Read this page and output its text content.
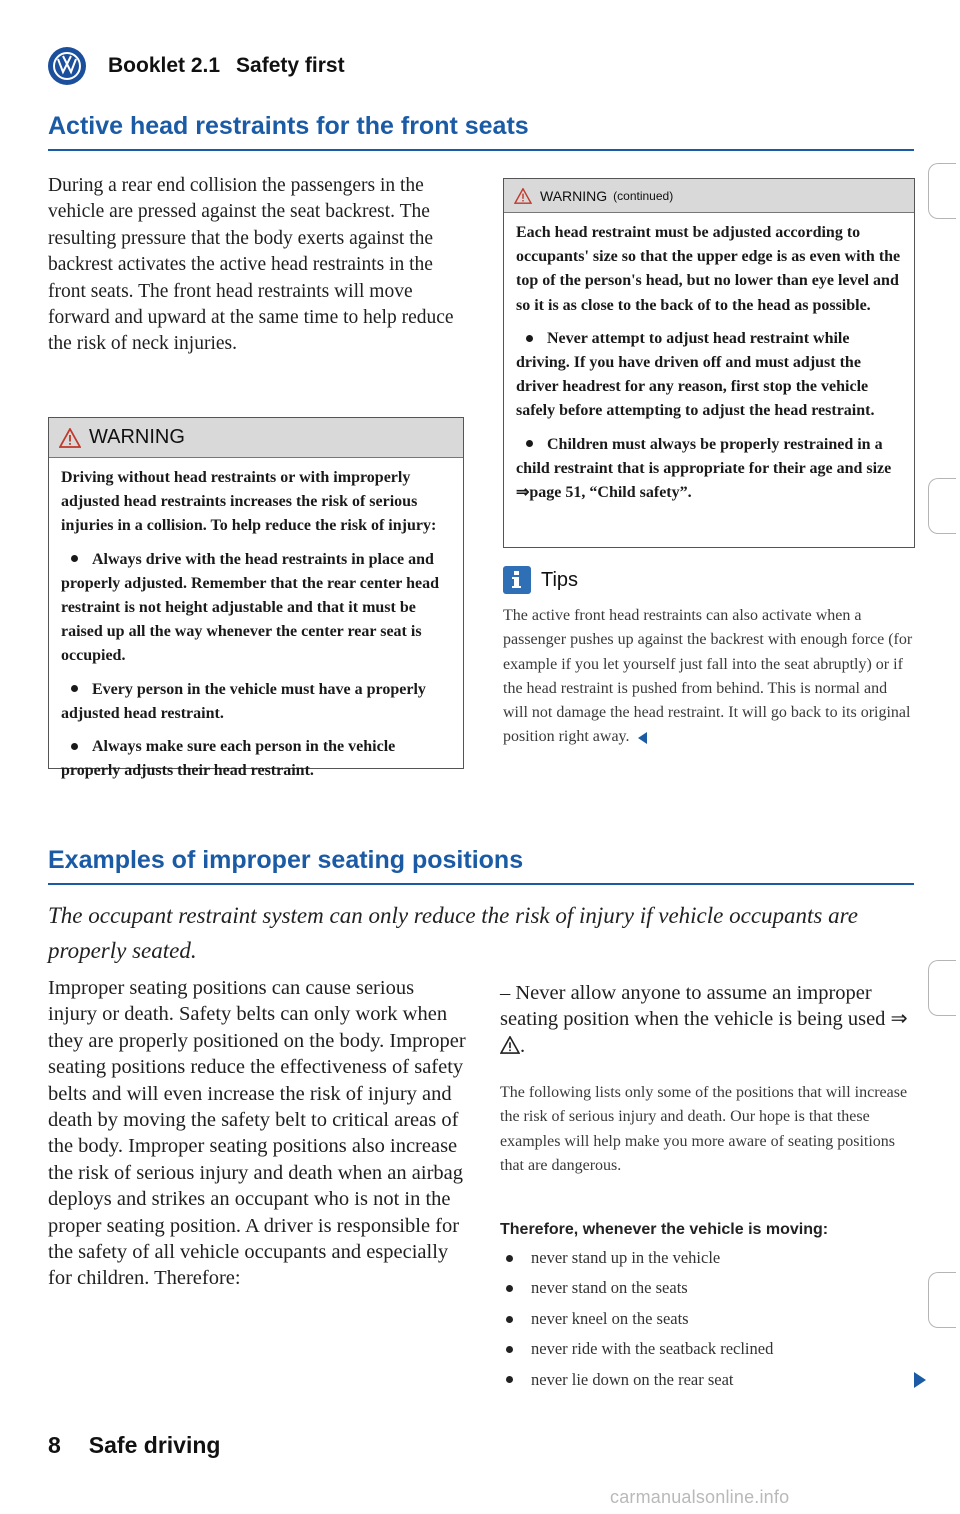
Booklet 2.1 Safety first
Active head restraints for the front seats

During a rear end collision the passengers in the vehicle are pressed against the seat backrest. The resulting pressure that the body exerts against the backrest activates the active head restraints in the front seats. The front head restraints will move forward and upward at the same time to help reduce the risk of neck injuries.

WARNING

Driving without head restraints or with improperly adjusted head restraints increases the risk of serious injuries in a collision. To help reduce the risk of injury:

Always drive with the head restraints in place and properly adjusted. Remember that the rear center head restraint is not height adjustable and that it must be raised up all the way whenever the center rear seat is occupied.

Every person in the vehicle must have a properly adjusted head restraint.

Always make sure each person in the vehicle properly adjusts their head restraint.

WARNING (continued)

Each head restraint must be adjusted according to occupants' size so that the upper edge is as even with the top of the person's head, but no lower than eye level and so it is as close to the back of to the head as possible.

Never attempt to adjust head restraint while driving. If you have driven off and must adjust the driver headrest for any reason, first stop the vehicle safely before attempting to adjust the head restraint.

Children must always be properly restrained in a child restraint that is appropriate for their age and size ⇒page 51, “Child safety”.

Tips
The active front head restraints can also activate when a passenger pushes up against the backrest with enough force (for example if you let yourself just fall into the seat abruptly) or if the head restraint is pushed from behind. This is normal and will not damage the head restraint. It will go back to its original position right away.
Examples of improper seating positions
The occupant restraint system can only reduce the risk of injury if vehicle occupants are properly seated.

Improper seating positions can cause serious injury or death. Safety belts can only work when they are properly positioned on the body. Improper seating positions reduce the effectiveness of safety belts and will even increase the risk of injury and death by moving the safety belt to critical areas of the body. Improper seating positions also increase the risk of serious injury and death when an airbag deploys and strikes an occupant who is not in the proper seating position. A driver is responsible for the safety of all vehicle occupants and especially for children. Therefore:

– Never allow anyone to assume an improper seating position when the vehicle is being used ⇒
.

The following lists only some of the positions that will increase the risk of serious injury and death. Our hope is that these examples will help make you more aware of seating positions that are dangerous.

Therefore, whenever the vehicle is moving:
never stand up in the vehicle
never stand on the seats
never kneel on the seats
never ride with the seatback reclined
never lie down on the rear seat
8 Safe driving
carmanualsonline.info
